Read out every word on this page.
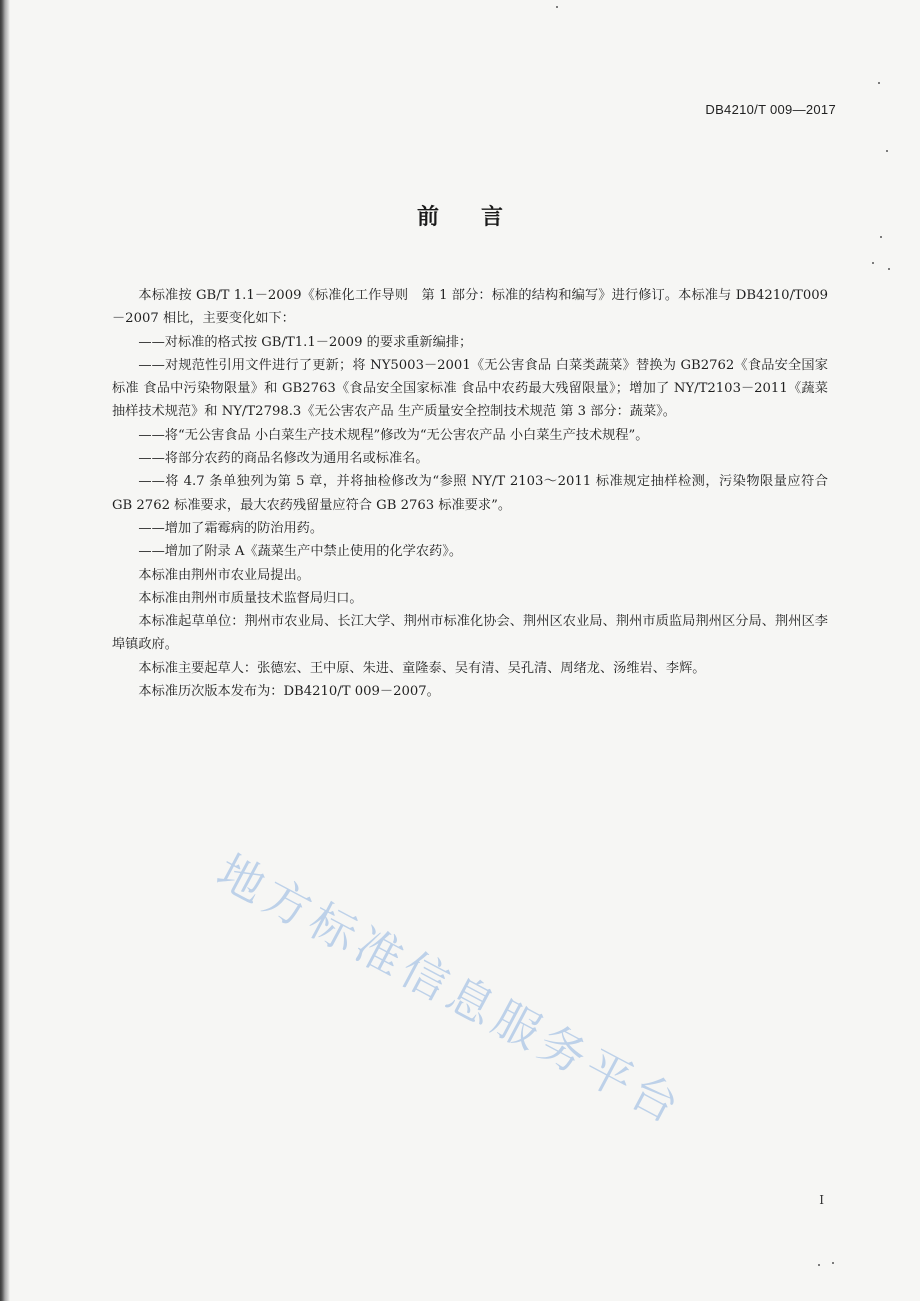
DB4210/T 009—2017
前言

本标准按 GB/T 1.1－2009《标准化工作导则　第 1 部分：标准的结构和编写》进行修订。本标准与 DB4210/T009－2007 相比，主要变化如下：

——对标准的格式按 GB/T1.1－2009 的要求重新编排；

——对规范性引用文件进行了更新；将 NY5003－2001《无公害食品 白菜类蔬菜》替换为 GB2762《食品安全国家标准 食品中污染物限量》和 GB2763《食品安全国家标准 食品中农药最大残留限量》；增加了 NY/T2103－2011《蔬菜抽样技术规范》和 NY/T2798.3《无公害农产品 生产质量安全控制技术规范 第 3 部分：蔬菜》。

——将“无公害食品 小白菜生产技术规程”修改为“无公害农产品 小白菜生产技术规程”。

——将部分农药的商品名修改为通用名或标准名。

——将 4.7 条单独列为第 5 章，并将抽检修改为“参照 NY/T 2103～2011 标准规定抽样检测，污染物限量应符合 GB 2762 标准要求，最大农药残留量应符合 GB 2763 标准要求”。

——增加了霜霉病的防治用药。

——增加了附录 A《蔬菜生产中禁止使用的化学农药》。

本标准由荆州市农业局提出。

本标准由荆州市质量技术监督局归口。

本标准起草单位：荆州市农业局、长江大学、荆州市标准化协会、荆州区农业局、荆州市质监局荆州区分局、荆州区李埠镇政府。

本标准主要起草人：张德宏、王中原、朱进、童隆泰、吴有清、吴孔清、周绪龙、汤维岩、李辉。

本标准历次版本发布为：DB4210/T 009－2007。

地方标准信息服务平台
I
